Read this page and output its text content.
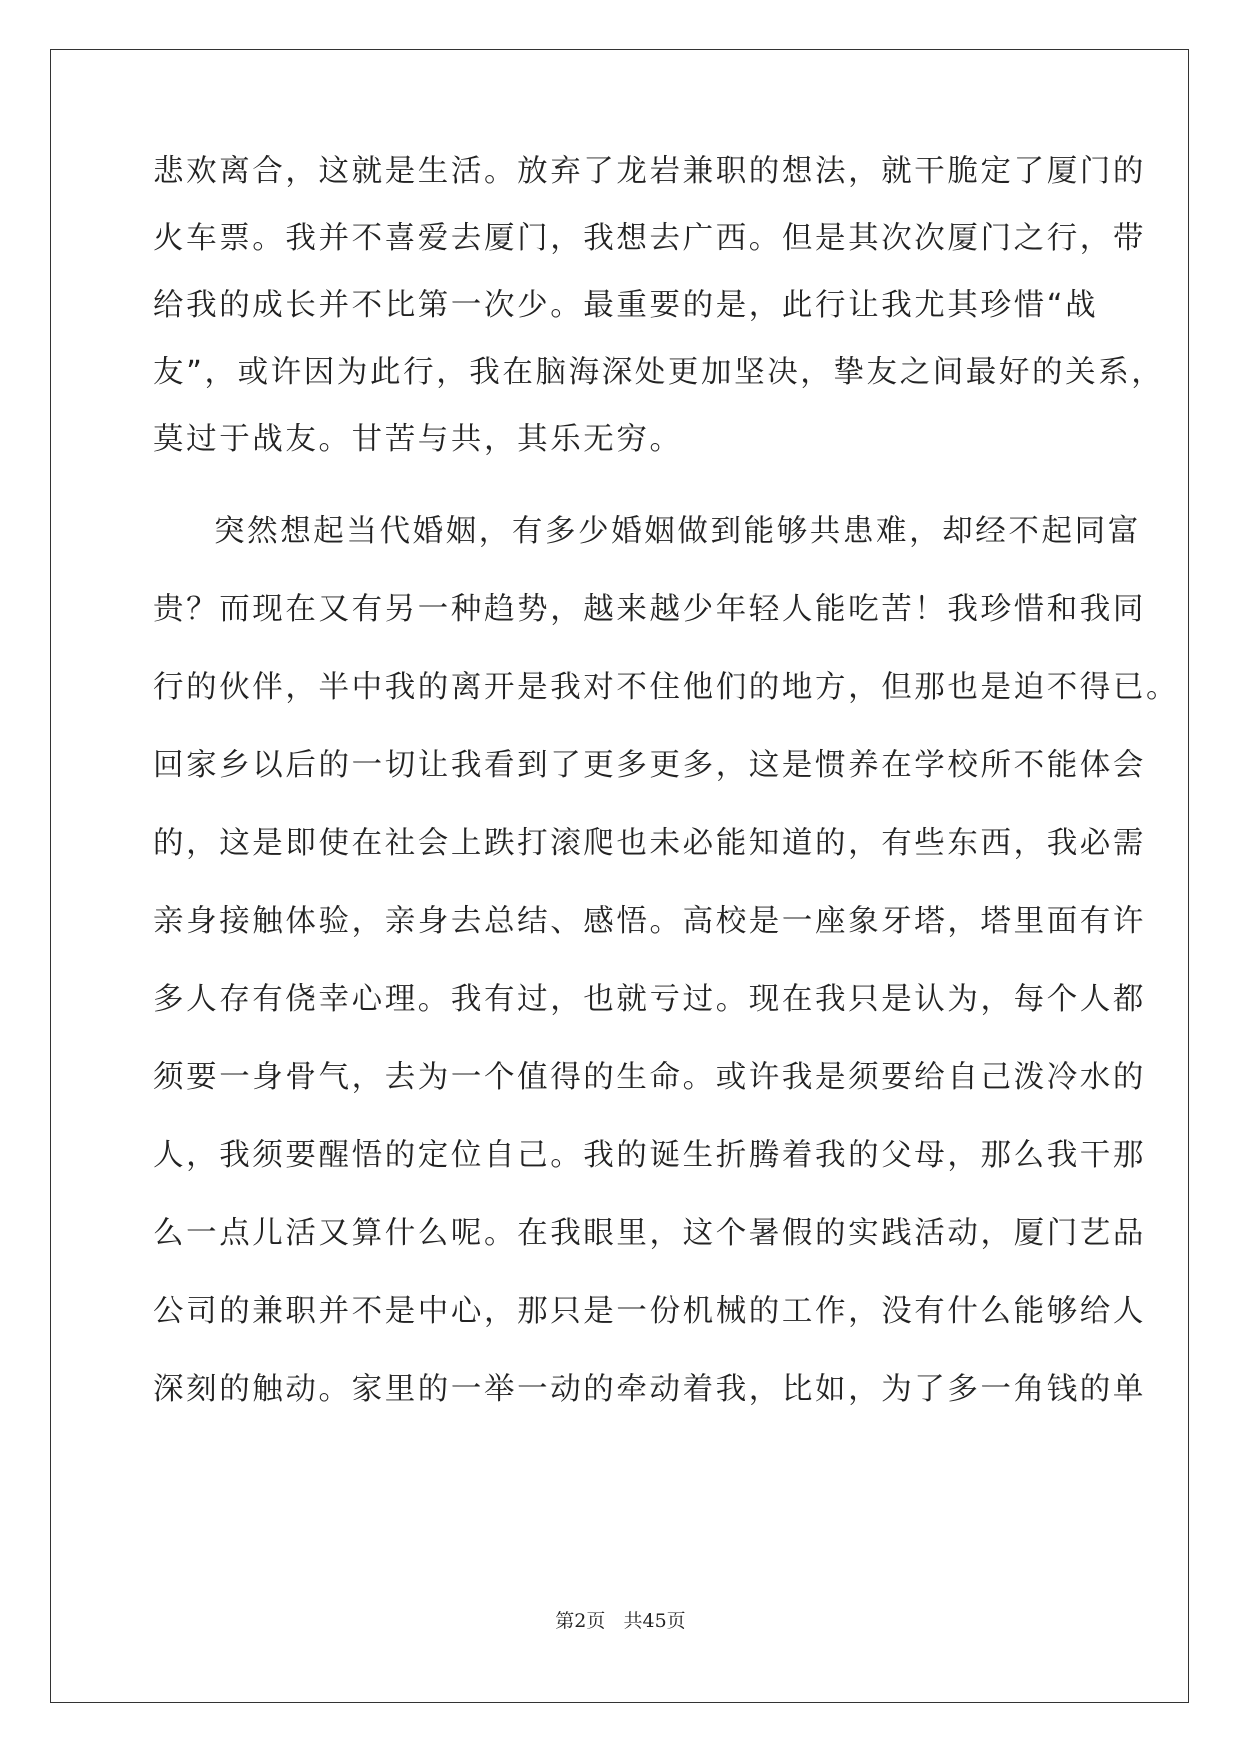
悲欢离合，这就是生活。放弃了龙岩兼职的想法，就干脆定了厦门的
火车票。我并不喜爱去厦门，我想去广西。但是其次次厦门之行，带
给我的成长并不比第一次少。最重要的是，此行让我尤其珍惜“战
友”，或许因为此行，我在脑海深处更加坚决，挚友之间最好的关系，
莫过于战友。甘苦与共，其乐无穷。
突然想起当代婚姻，有多少婚姻做到能够共患难，却经不起同富
贵？而现在又有另一种趋势，越来越少年轻人能吃苦！我珍惜和我同
行的伙伴，半中我的离开是我对不住他们的地方，但那也是迫不得已。
回家乡以后的一切让我看到了更多更多，这是惯养在学校所不能体会
的，这是即使在社会上跌打滚爬也未必能知道的，有些东西，我必需
亲身接触体验，亲身去总结、感悟。高校是一座象牙塔，塔里面有许
多人存有侥幸心理。我有过，也就亏过。现在我只是认为，每个人都
须要一身骨气，去为一个值得的生命。或许我是须要给自己泼冷水的
人，我须要醒悟的定位自己。我的诞生折腾着我的父母，那么我干那
么一点儿活又算什么呢。在我眼里，这个暑假的实践活动，厦门艺品
公司的兼职并不是中心，那只是一份机械的工作，没有什么能够给人
深刻的触动。家里的一举一动的牵动着我，比如，为了多一角钱的单
第2页   共45页
